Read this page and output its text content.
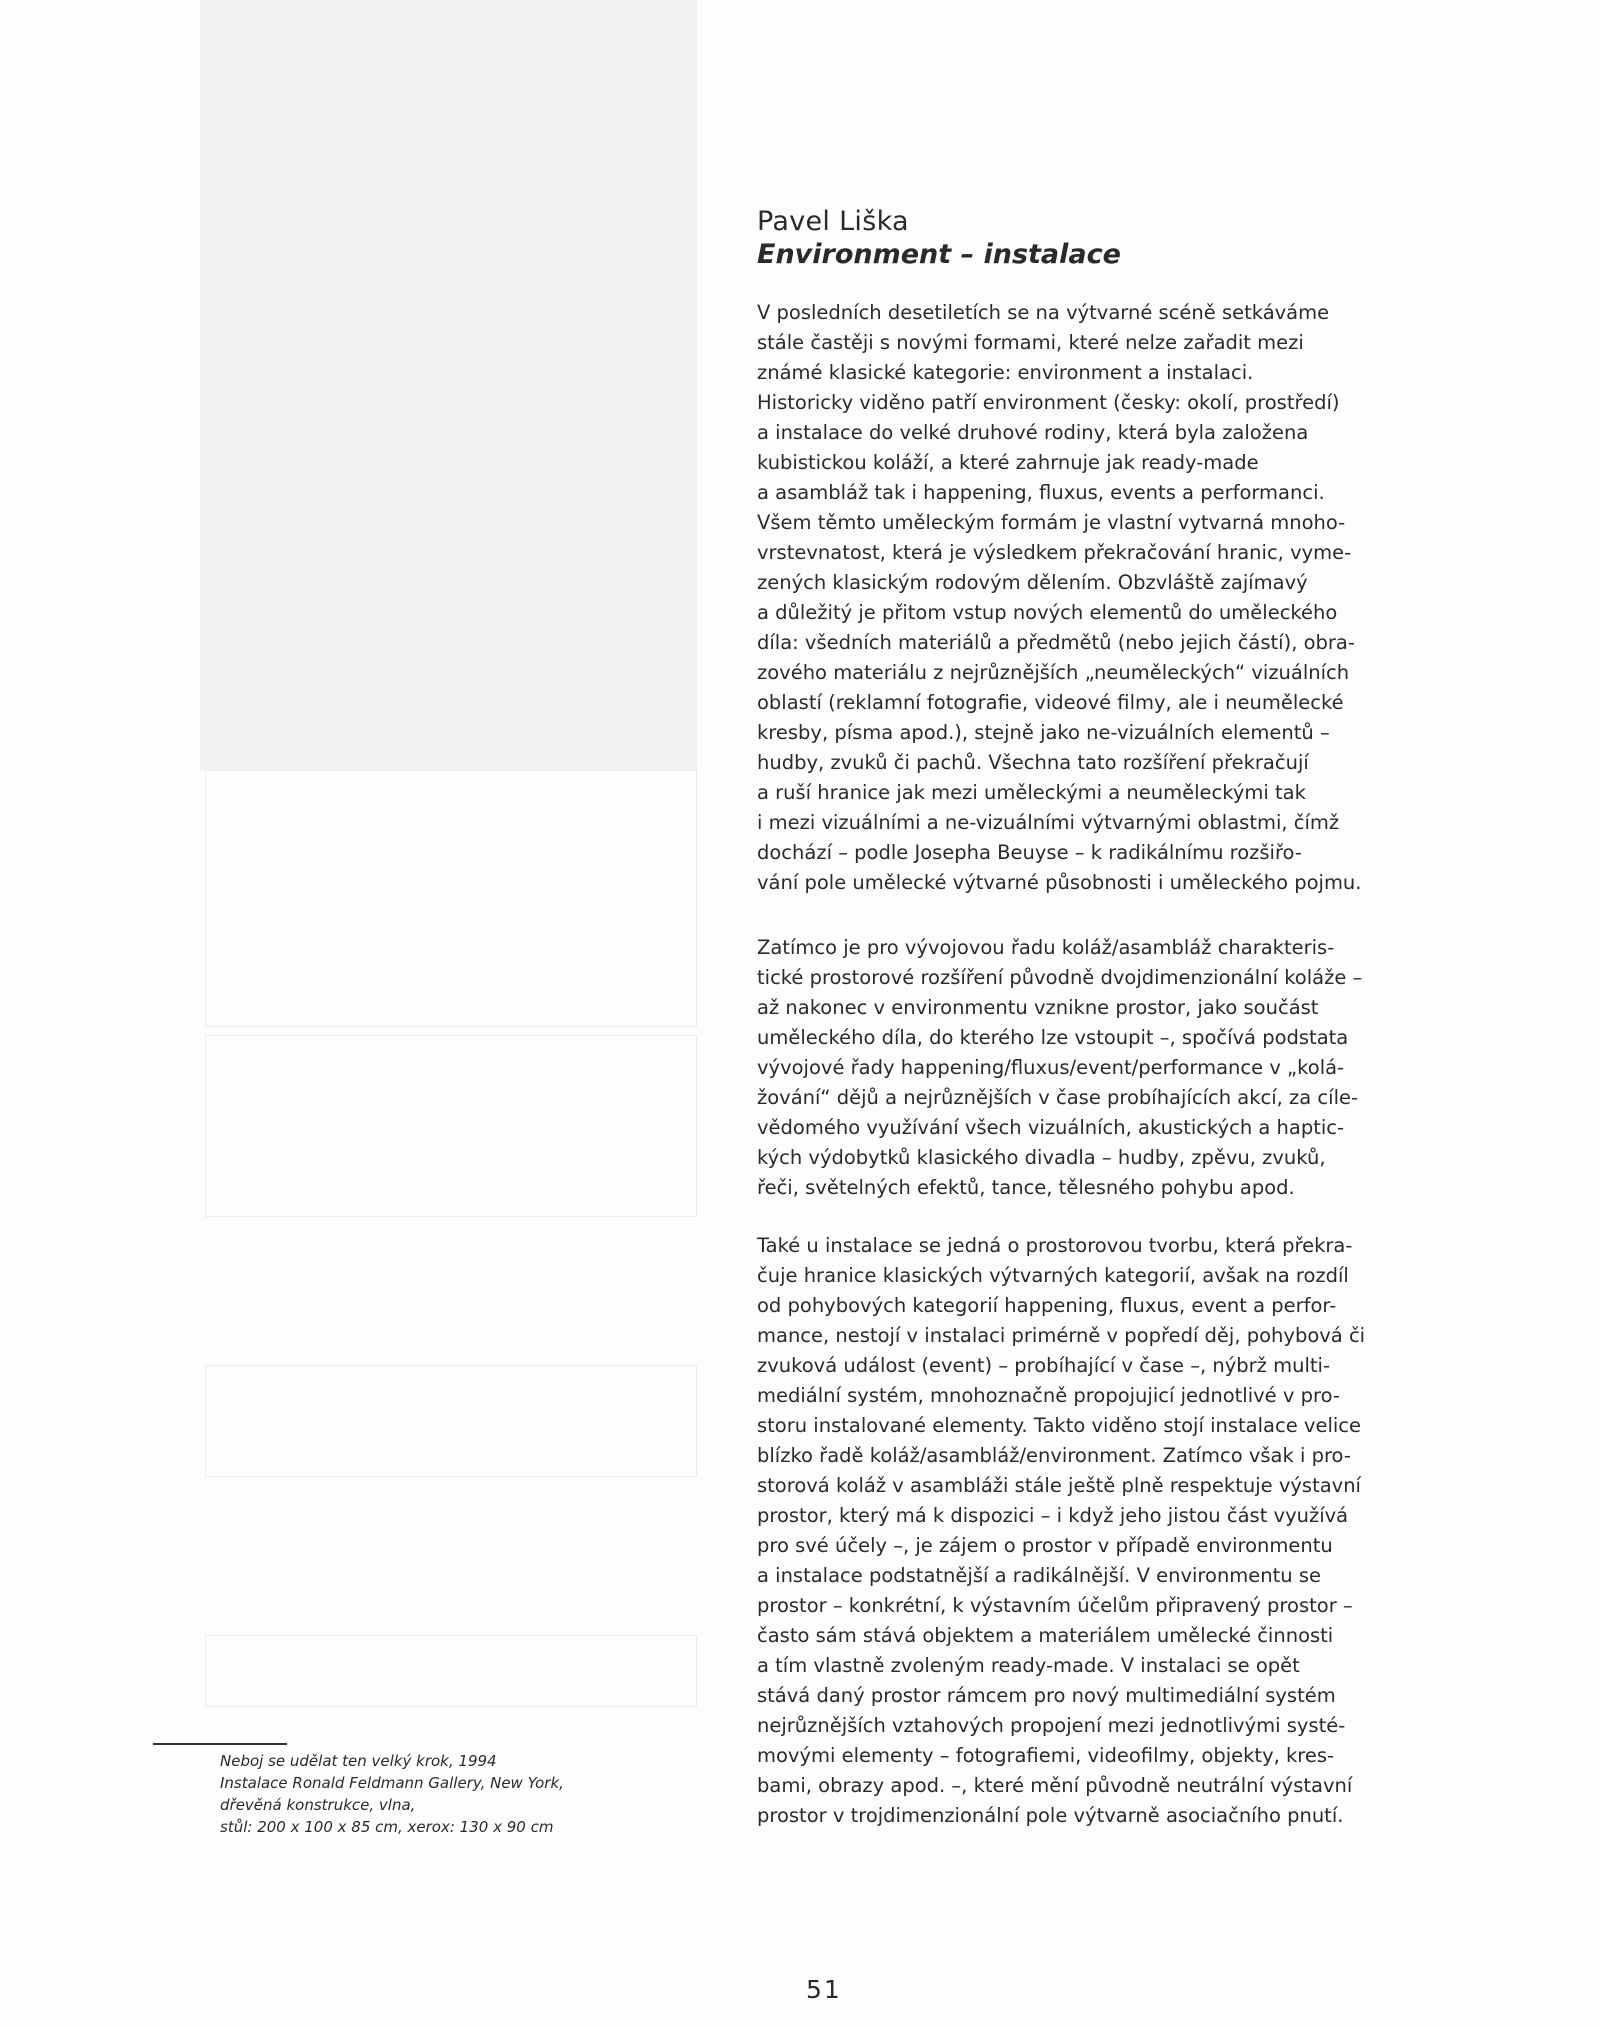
Pavel Liška
Environment – instalace
V posledních desetiletích se na výtvarné scéně setkáváme
stále častěji s novými formami, které nelze zařadit mezi
známé klasické kategorie: environment a instalaci.
Historicky viděno patří environment (česky: okolí, prostředí)
a instalace do velké druhové rodiny, která byla založena
kubistickou koláží, a které zahrnuje jak ready-made
a asambláž tak i happening, fluxus, events a performanci.
Všem těmto uměleckým formám je vlastní vytvarná mnoho-
vrstevnatost, která je výsledkem překračování hranic, vyme-
zených klasickým rodovým dělením. Obzvláště zajímavý
a důležitý je přitom vstup nových elementů do uměleckého
díla: všedních materiálů a předmětů (nebo jejich částí), obra-
zového materiálu z nejrůznějších „neuměleckých“ vizuálních
oblastí (reklamní fotografie, videové filmy, ale i neumělecké
kresby, písma apod.), stejně jako ne-vizuálních elementů –
hudby, zvuků či pachů. Všechna tato rozšíření překračují
a ruší hranice jak mezi uměleckými a neuměleckými tak
i mezi vizuálními a ne-vizuálními výtvarnými oblastmi, čímž
dochází – podle Josepha Beuyse – k radikálnímu rozšiřo-
vání pole umělecké výtvarné působnosti i uměleckého pojmu.
Zatímco je pro vývojovou řadu koláž/asambláž charakteris-
tické prostorové rozšíření původně dvojdimenzionální koláže –
až nakonec v environmentu vznikne prostor, jako součást
uměleckého díla, do kterého lze vstoupit –, spočívá podstata
vývojové řady happening/fluxus/event/performance v „kolá-
žování“ dějů a nejrůznějších v čase probíhajících akcí, za cíle-
vědomého využívání všech vizuálních, akustických a haptic-
kých výdobytků klasického divadla – hudby, zpěvu, zvuků,
řeči, světelných efektů, tance, tělesného pohybu apod.
Také u instalace se jedná o prostorovou tvorbu, která překra-
čuje hranice klasických výtvarných kategorií, avšak na rozdíl
od pohybových kategorií happening, fluxus, event a perfor-
mance, nestojí v instalaci primérně v popředí děj, pohybová či
zvuková událost (event) – probíhající v čase –, nýbrž multi-
mediální systém, mnohoznačně propojujicí jednotlivé v pro-
storu instalované elementy. Takto viděno stojí instalace velice
blízko řadě koláž/asambláž/environment. Zatímco však i pro-
storová koláž v asambláži stále ještě plně respektuje výstavní
prostor, který má k dispozici – i když jeho jistou část využívá
pro své účely –, je zájem o prostor v případě environmentu
a instalace podstatnější a radikálnější. V environmentu se
prostor – konkrétní, k výstavním účelům připravený prostor –
často sám stává objektem a materiálem umělecké činnosti
a tím vlastně zvoleným ready-made. V instalaci se opět
stává daný prostor rámcem pro nový multimediální systém
nejrůznějších vztahových propojení mezi jednotlivými systé-
movými elementy – fotografiemi, videofilmy, objekty, kres-
bami, obrazy apod. –, které mění původně neutrální výstavní
prostor v trojdimenzionální pole výtvarně asociačního pnutí.
Neboj se udělat ten velký krok, 1994
Instalace Ronald Feldmann Gallery, New York,
dřevěná konstrukce, vlna,
stůl: 200 x 100 x 85 cm, xerox: 130 x 90 cm
51
